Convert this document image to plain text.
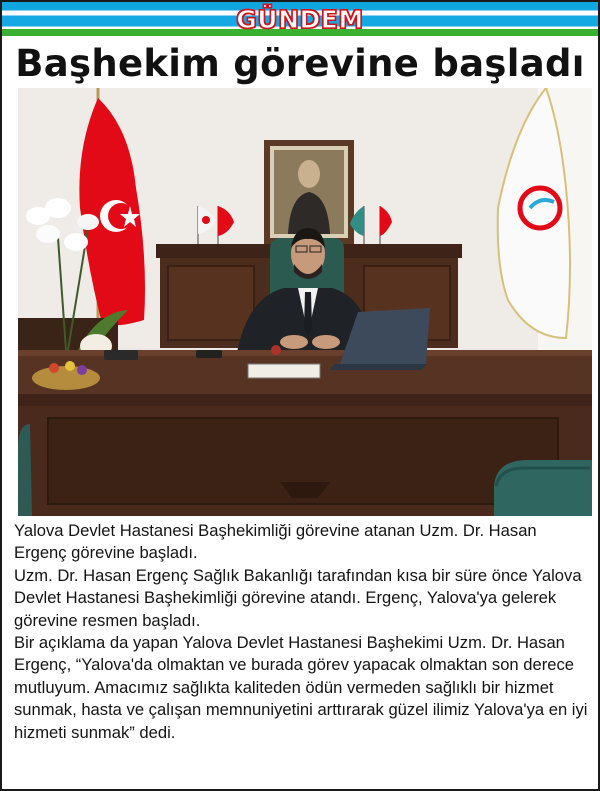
GÜNDEM
Başhekim görevine başladı

Yalova Devlet Hastanesi Başhekimliği görevine atanan Uzm. Dr. Hasan Ergenç görevine başladı.

Uzm. Dr. Hasan Ergenç Sağlık Bakanlığı tarafından kısa bir süre önce Yalova Devlet Hastanesi Başhekimliği görevine atandı. Ergenç, Yalova'ya gelerek görevine resmen başladı.

Bir açıklama da yapan Yalova Devlet Hastanesi Başhekimi Uzm. Dr. Hasan Ergenç, “Yalova'da olmaktan ve burada görev yapacak olmaktan son derece mutluyum. Amacımız sağlıkta kaliteden ödün vermeden sağlıklı bir hizmet sunmak, hasta ve çalışan memnuniyetini arttırarak güzel ilimiz Yalova'ya en iyi hizmeti sunmak” dedi.
